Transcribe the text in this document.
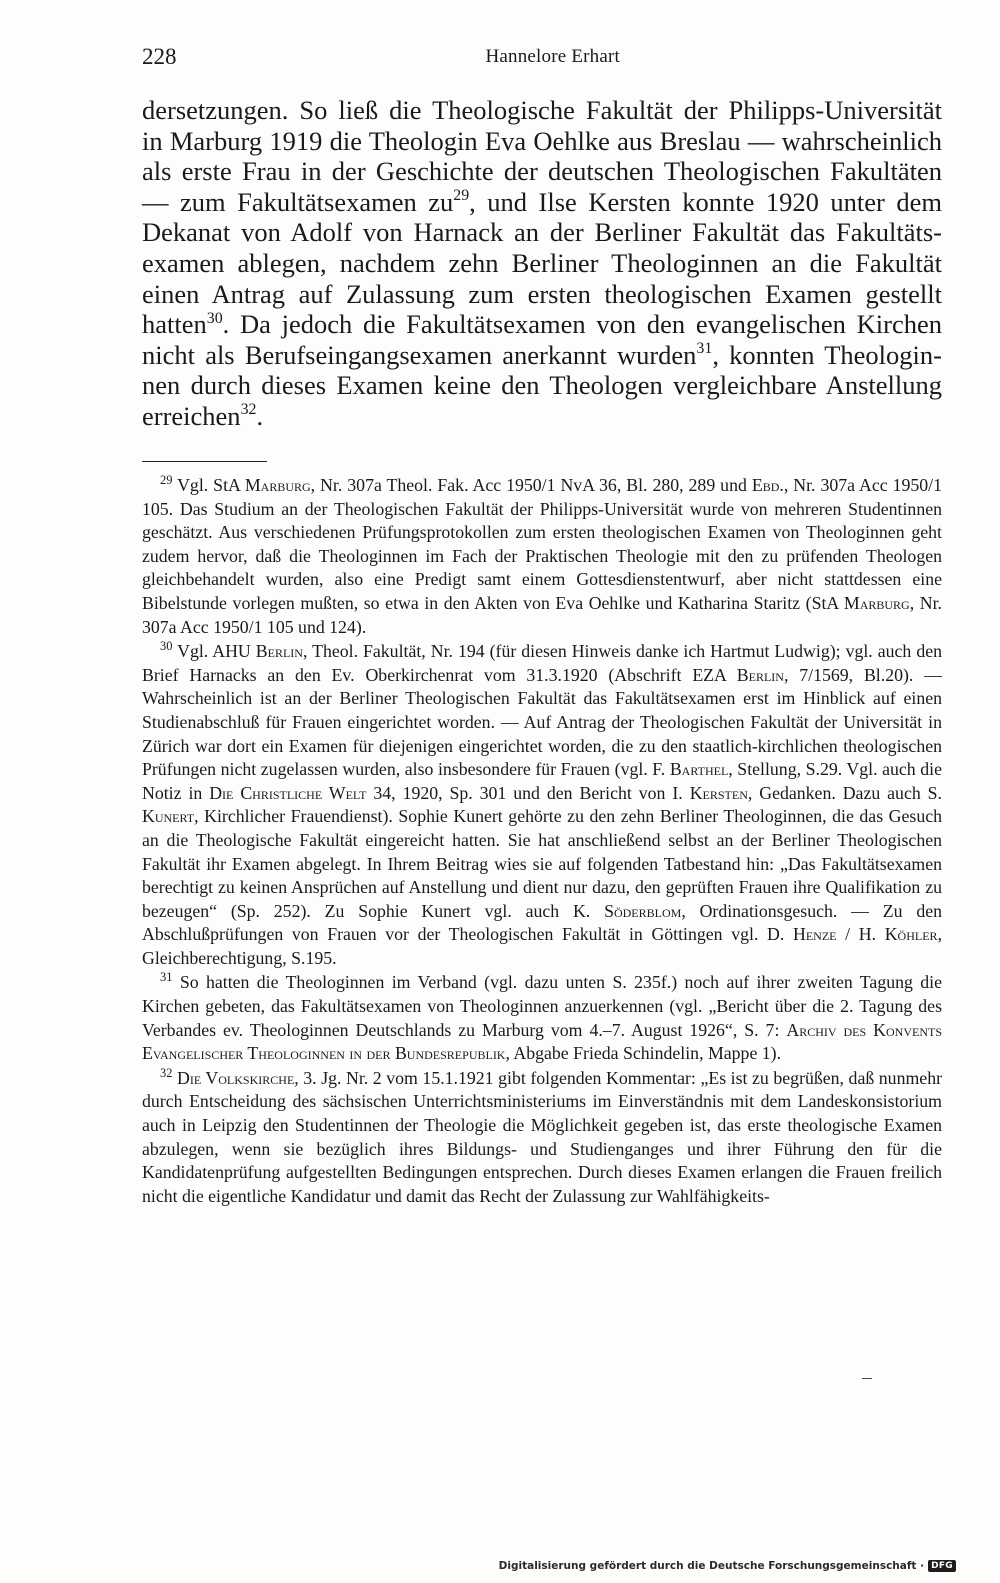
228	Hannelore Erhart
dersetzungen. So ließ die Theologische Fakultät der Philipps-Universität
in Marburg 1919 die Theologin Eva Oehlke aus Breslau — wahrscheinlich
als erste Frau in der Geschichte der deutschen Theologischen Fakultäten
— zum Fakultätsexamen $zu^{29}$, und Ilse Kersten konnte 1920 unter dem
Dekanat von Adolf von Harnack an der Berliner Fakultät das Fakultäts-
examen ablegen, nachdem zehn Berliner Theologinnen an die Fakultät
einen Antrag auf Zulassung zum ersten theologischen Examen gestellt
hatten$^{30}$. Da jedoch die Fakultätsexamen von den evangelischen Kirchen
nicht als Berufseingangsexamen anerkannt wurden$^{31}$, konnten Theologin-
nen durch dieses Examen keine den Theologen vergleichbare Anstellung
erreichen$^{32}$.

$^{29}$ Vgl. StA Marburg, Nr. 307a Theol. Fak. Acc 1950/1 NvA 36, Bl. 280, 289 und Ebd., Nr. 307a Acc 1950/1 105. Das Studium an der Theologischen Fakultät der Philipps-Universität wurde von mehreren Studentinnen geschätzt. Aus verschiedenen Prüfungsprotokollen zum ersten theologischen Examen von Theologinnen geht zudem hervor, daß die Theologinnen im Fach der Praktischen Theologie mit den zu prüfenden Theologen gleichbehandelt wurden, also eine Predigt samt einem Gottesdienstentwurf, aber nicht stattdessen eine Bibelstunde vorlegen mußten, so etwa in den Akten von Eva Oehlke und Katharina Staritz (StA Marburg, Nr. 307a Acc 1950/1 105 und 124).

$^{30}$ Vgl. AHU Berlin, Theol. Fakultät, Nr. 194 (für diesen Hinweis danke ich Hartmut Ludwig); vgl. auch den Brief Harnacks an den Ev. Oberkirchenrat vom 31.3.1920 (Abschrift EZA Berlin, 7/1569, Bl.20). — Wahrscheinlich ist an der Berliner Theologischen Fakultät das Fakultätsexamen erst im Hinblick auf einen Studienabschluß für Frauen eingerichtet worden. — Auf Antrag der Theologischen Fakultät der Universität in Zürich war dort ein Examen für diejenigen eingerichtet worden, die zu den staatlich-kirchlichen theologischen Prüfungen nicht zugelassen wurden, also insbesondere für Frauen (vgl. F. Barthel, Stellung, S.29. Vgl. auch die Notiz in Die Christliche Welt 34, 1920, Sp. 301 und den Bericht von I. Kersten, Gedanken. Dazu auch S. Kunert, Kirchlicher Frauendienst). Sophie Kunert gehörte zu den zehn Berliner Theologinnen, die das Gesuch an die Theologische Fakultät eingereicht hatten. Sie hat anschließend selbst an der Berliner Theologischen Fakultät ihr Examen abgelegt. In Ihrem Beitrag wies sie auf folgenden Tatbestand hin: „Das Fakultätsexamen berechtigt zu keinen Ansprüchen auf Anstellung und dient nur dazu, den geprüften Frauen ihre Qualifikation zu bezeugen“ (Sp. 252). Zu Sophie Kunert vgl. auch K. Söderblom, Ordinationsgesuch. — Zu den Abschlußprüfungen von Frauen vor der Theologischen Fakultät in Göttingen vgl. D. Henze / H. Köhler, Gleichberechtigung, S.195.

$^{31}$ So hatten die Theologinnen im Verband (vgl. dazu unten S. 235f.) noch auf ihrer zweiten Tagung die Kirchen gebeten, das Fakultätsexamen von Theologinnen anzuerkennen (vgl. „Bericht über die 2. Tagung des Verbandes ev. Theologinnen Deutschlands zu Marburg vom 4.–7. August 1926“, S. 7: Archiv des Konvents Evangelischer Theologinnen in der Bundesrepublik, Abgabe Frieda Schindelin, Mappe 1).

$^{32}$ Die Volkskirche, 3. Jg. Nr. 2 vom 15.1.1921 gibt folgenden Kommentar: „Es ist zu begrüßen, daß nunmehr durch Entscheidung des sächsischen Unterrichtsministeriums im Einverständnis mit dem Landeskonsistorium auch in Leipzig den Studentinnen der Theologie die Möglichkeit gegeben ist, das erste theologische Examen abzulegen, wenn sie bezüglich ihres Bildungs- und Studienganges und ihrer Führung den für die Kandidatenprüfung aufgestellten Bedingungen entsprechen. Durch dieses Examen erlangen die Frauen freilich nicht die eigentliche Kandidatur und damit das Recht der Zulassung zur Wahlfähigkeits-

Digitalisierung gefördert durch die Deutsche Forschungsgemeinschaft · DFG
